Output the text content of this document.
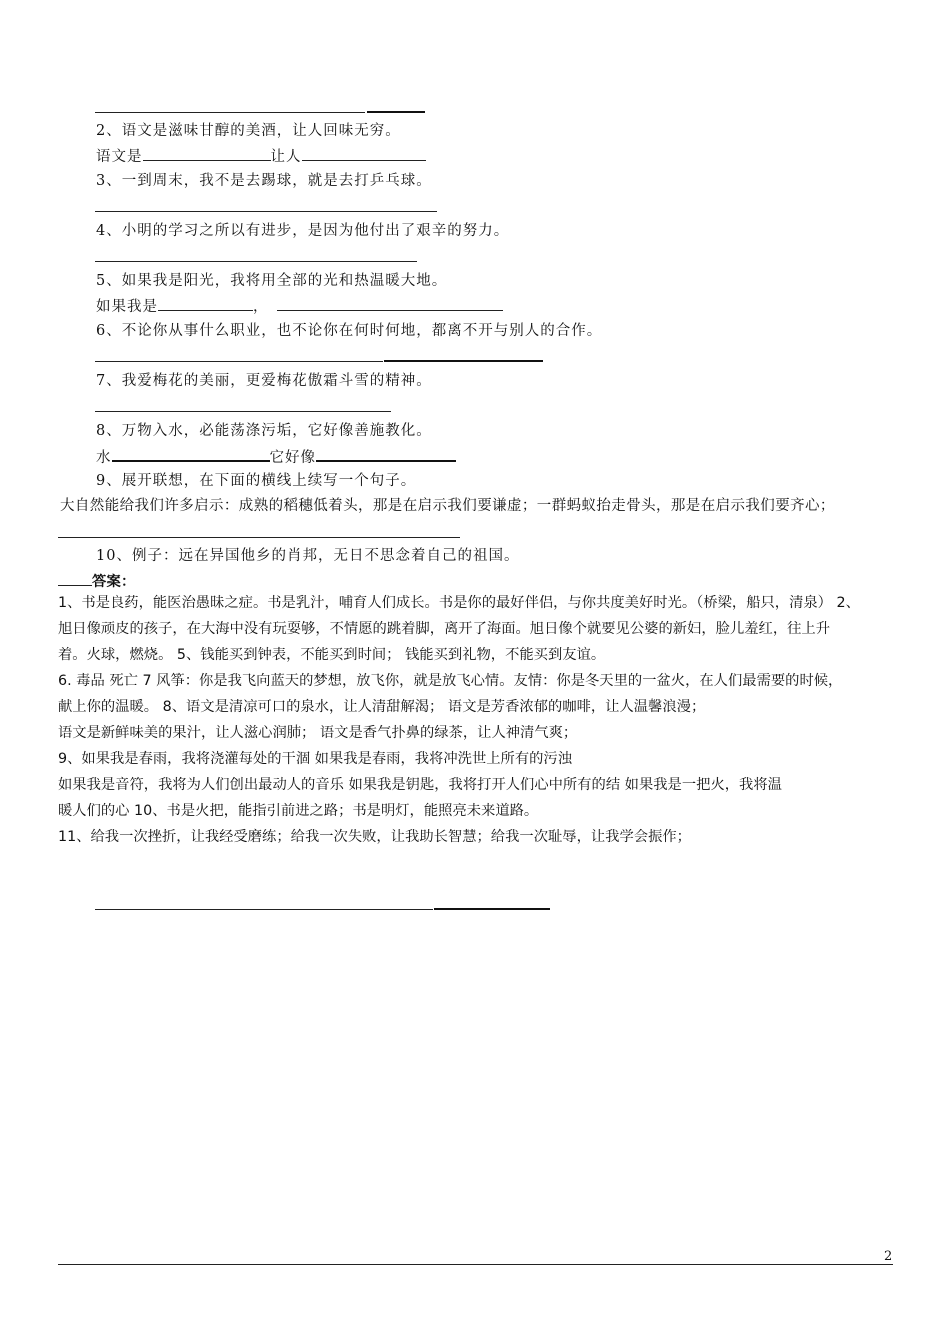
2、语文是滋味甘醇的美酒，让人回味无穷。
语文是	让人
3、一到周末，我不是去踢球，就是去打乒乓球。
4、小明的学习之所以有进步，是因为他付出了艰辛的努力。
5、如果我是阳光，我将用全部的光和热温暖大地。
如果我是	，
6、不论你从事什么职业，也不论你在何时何地，都离不开与别人的合作。
7、我爱梅花的美丽，更爱梅花傲霜斗雪的精神。
8、万物入水，必能荡涤污垢，它好像善施教化。
水	它好像
9、展开联想，在下面的横线上续写一个句子。
大自然能给我们许多启示：成熟的稻穗低着头，那是在启示我们要谦虚；一群蚂蚁抬走骨头，那是在启示我们要齐心；
10、例子：远在异国他乡的肖邦，无日不思念着自己的祖国。
答案：
1、书是良药，能医治愚昧之症。书是乳汁，哺育人们成长。书是你的最好伴侣，与你共度美好时光。（桥梁，船只，清泉） 2、
旭日像顽皮的孩子，在大海中没有玩耍够，不情愿的跳着脚，离开了海面。旭日像个就要见公婆的新妇，脸儿羞红，往上升
着。火球，燃烧。 5、钱能买到钟表，不能买到时间； 钱能买到礼物，不能买到友谊。
6. 毒品 死亡 7 风筝：你是我飞向蓝天的梦想，放飞你，就是放飞心情。友情：你是冬天里的一盆火，在人们最需要的时候，
献上你的温暖。 8、语文是清凉可口的泉水，让人清甜解渴； 语文是芳香浓郁的咖啡，让人温馨浪漫；
语文是新鲜味美的果汁，让人滋心润肺； 语文是香气扑鼻的绿茶，让人神清气爽；
9、如果我是春雨，我将浇灌每处的干涸 如果我是春雨，我将冲洗世上所有的污浊
如果我是音符，我将为人们创出最动人的音乐 如果我是钥匙，我将打开人们心中所有的结 如果我是一把火，我将温
暖人们的心 10、书是火把，能指引前进之路；书是明灯，能照亮未来道路。
11、给我一次挫折，让我经受磨练；给我一次失败，让我助长智慧；给我一次耻辱，让我学会振作；
2
